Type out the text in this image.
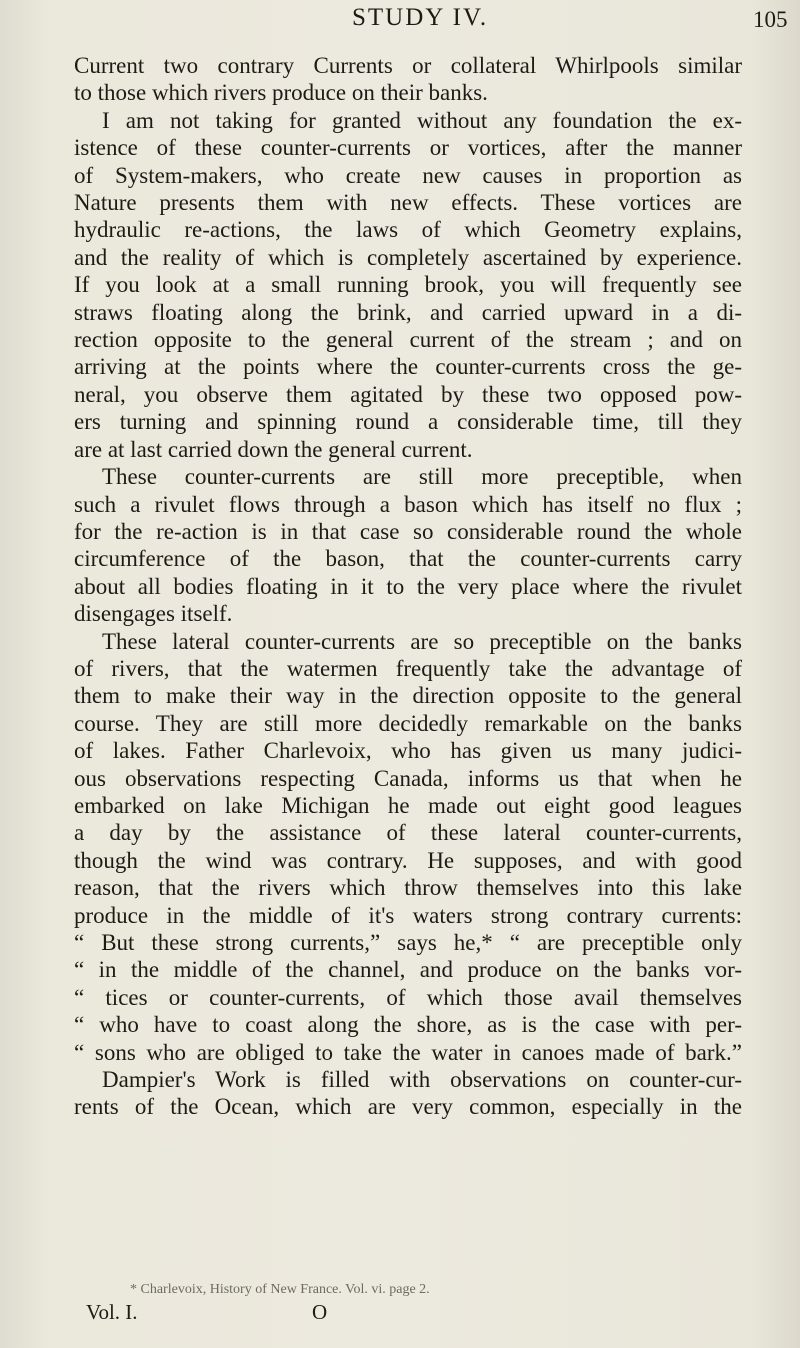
STUDY IV.	105
Current two contrary Currents or collateral Whirlpools similar
to those which rivers produce on their banks.
I am not taking for granted without any foundation the ex-
istence of these counter-currents or vortices, after the manner
of System-makers, who create new causes in proportion as
Nature presents them with new effects. These vortices are
hydraulic re-actions, the laws of which Geometry explains,
and the reality of which is completely ascertained by experience.
If you look at a small running brook, you will frequently see
straws floating along the brink, and carried upward in a di-
rection opposite to the general current of the stream ; and on
arriving at the points where the counter-currents cross the ge-
neral, you observe them agitated by these two opposed pow-
ers turning and spinning round a considerable time, till they
are at last carried down the general current.
These counter-currents are still more preceptible, when
such a rivulet flows through a bason which has itself no flux ;
for the re-action is in that case so considerable round the whole
circumference of the bason, that the counter-currents carry
about all bodies floating in it to the very place where the rivulet
disengages itself.
These lateral counter-currents are so preceptible on the banks
of rivers, that the watermen frequently take the advantage of
them to make their way in the direction opposite to the general
course. They are still more decidedly remarkable on the banks
of lakes. Father Charlevoix, who has given us many judici-
ous observations respecting Canada, informs us that when he
embarked on lake Michigan he made out eight good leagues
a day by the assistance of these lateral counter-currents,
though the wind was contrary. He supposes, and with good
reason, that the rivers which throw themselves into this lake
produce in the middle of it's waters strong contrary currents:
“ But these strong currents,” says he,* “ are preceptible only
“ in the middle of the channel, and produce on the banks vor-
“ tices or counter-currents, of which those avail themselves
“ who have to coast along the shore, as is the case with per-
“ sons who are obliged to take the water in canoes made of bark.”
Dampier's Work is filled with observations on counter-cur-
rents of the Ocean, which are very common, especially in the
* Charlevoix, History of New France. Vol. vi. page 2.
Vol. I.	O
